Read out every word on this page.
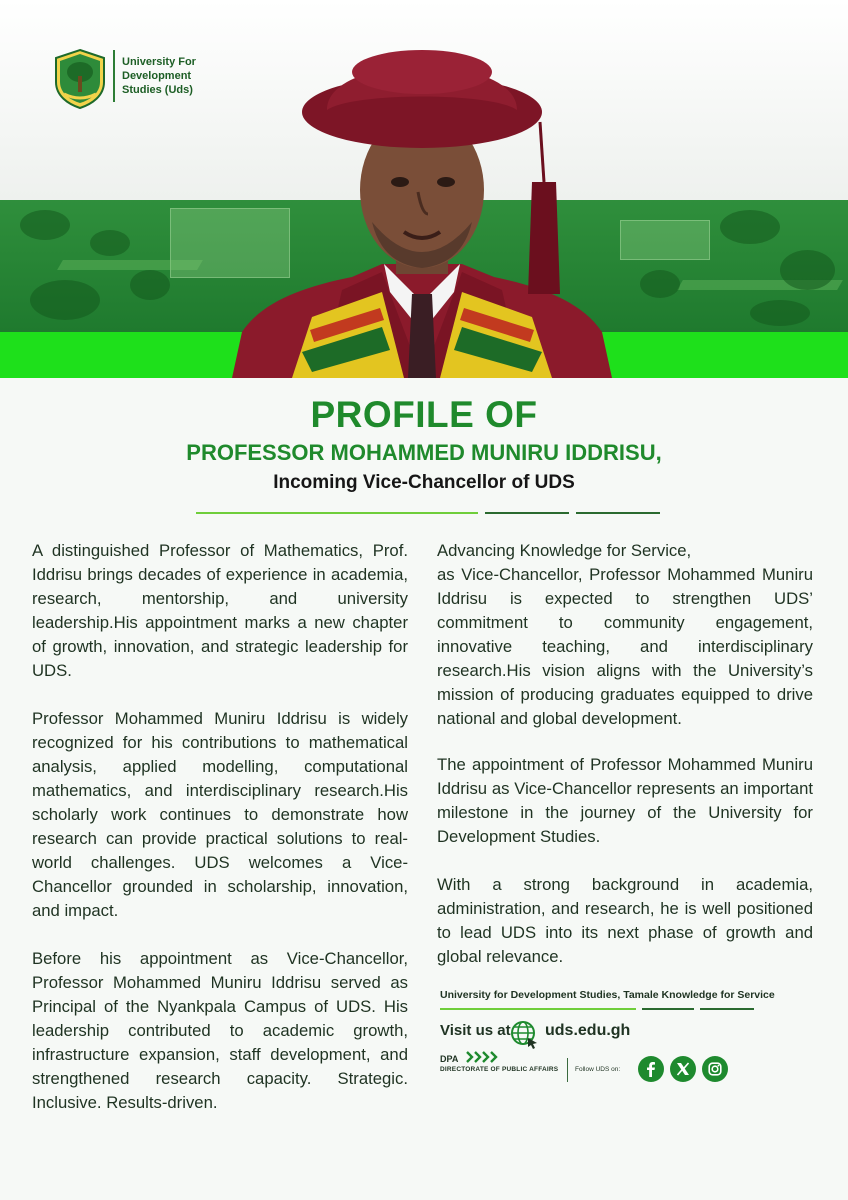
University For
Development
Studies (Uds)
PROFILE OF
PROFESSOR MOHAMMED MUNIRU IDDRISU,
Incoming Vice-Chancellor of UDS

A distinguished Professor of Mathematics, Prof. Iddrisu brings decades of experience in academia, research, mentorship, and university leadership.His appointment marks a new chapter of growth, innovation, and strategic leadership for UDS.

Professor Mohammed Muniru Iddrisu is widely recognized for his contributions to mathematical analysis, applied modelling, computational mathematics, and interdisciplinary research.His scholarly work continues to demonstrate how research can provide practical solutions to real-world challenges. UDS welcomes a Vice-Chancellor grounded in scholarship, innovation, and impact.

Before his appointment as Vice-Chancellor, Professor Mohammed Muniru Iddrisu served as Principal of the Nyankpala Campus of UDS. His leadership contributed to academic growth, infrastructure expansion, staff development, and strengthened research capacity. Strategic. Inclusive. Results-driven.

Advancing Knowledge for Service,

as Vice-Chancellor, Professor Mohammed Muniru Iddrisu is expected to strengthen UDS’ commitment to community engagement, innovative teaching, and interdisciplinary research.His vision aligns with the University’s mission of producing graduates equipped to drive national and global development.

The appointment of Professor Mohammed Muniru Iddrisu as Vice-Chancellor represents an important milestone in the journey of the University for Development Studies.

With a strong background in academia, administration, and research, he is well positioned to lead UDS into its next phase of growth and global relevance.

University for Development Studies, Tamale Knowledge for Service
Visit us at uds.edu.gh
DPA
DIRECTORATE OF PUBLIC AFFAIRS	Follow UDS on:
